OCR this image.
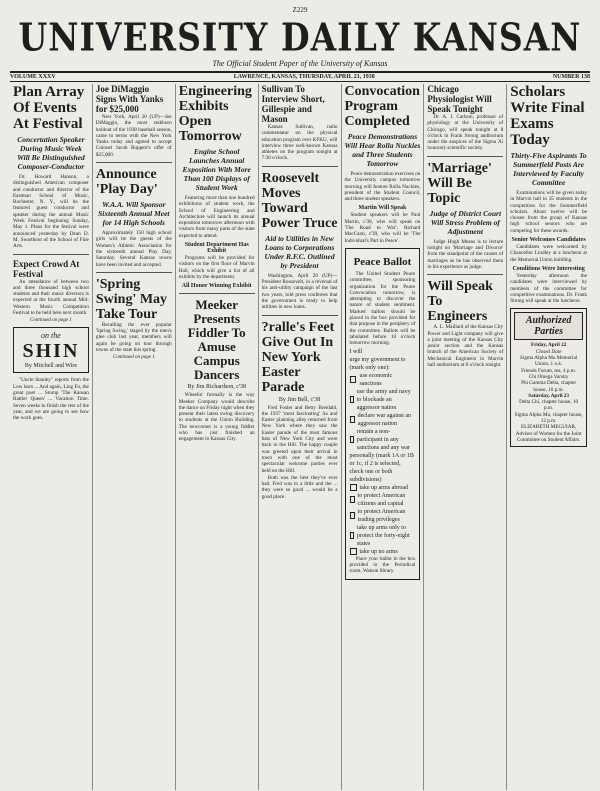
Z229
UNIVERSITY DAILY KANSAN
The Official Student Paper of the University of Kansas
VOLUME XXXV	LAWRENCE, KANSAS, THURSDAY, APRIL 21, 1938	NUMBER 138
Plan Array Of Events At Festival
Concertation Speaker During Music Week Will Be Distinguished Composer-Conductor

Dr. Howard Hanson, a distinguished American composer and conductor and director of the Eastman School of Music, Rochester, N. Y., will be the featured guest conductor and speaker during the annual Music Week Festival beginning Sunday, May 1. Plans for the festival were announced yesterday by Dean D. M. Swarthout of the School of Fine Arts.

Expect Crowd At Festival

An attendance of between two and three thousand high school students and their music directors is expected at the fourth annual Mid-Western Music Competition Festival to be held here next month.

Continued on page 1
on the
SHIN
By Mitchell and Wire

"Uncle Stanley" reports from the Low barn ... And again, Ling Fu, the great poet ... Stomp 'The Kansan Rattler Queen' ... Vacation Time. Seven weeks to finish the rest of the year, and we are going to see how the work goes.

Joe DiMaggio Signs With Yanks for $25,000

New York, April 20 (UP)—Joe DiMaggio, the most stubborn holdout of the 1938 baseball season, came to terms with the New York Yanks today and agreed to accept Colonel Jacob Ruppert's offer of $25,000.

Announce 'Play Day'
W.A.A. Will Sponsor Sixteenth Annual Meet for 14 High Schools

Approximately 150 high school girls will be the guests of the Women's Athletic Association for the sixteenth annual Play Day, Saturday. Several Kansas towns have been invited and accepted.

'Spring Swing' May Take Tour

Recalling the ever popular 'Spring Swing,' staged by the men's glee club last year, members will again be going on tour through towns of the state this spring.

Continued on page 1
Engineering Exhibits Open Tomorrow
Engine School Launches Annual Exposition With More Than 100 Displays of Student Work

Featuring more than one hundred exhibitions of student work, the School of Engineering and Architecture will launch its annual exposition tomorrow afternoon with visitors from many parts of the state expected to attend.

Student Department Has Exhibit

Programs will be provided for visitors on the first floor of Marvin Hall, which will give a list of all exhibits by the department.

All Honor Winning Exhibit
Meeker Presents Fiddler To Amuse Campus Dancers
By Jim Richardson, c'38

Wheelin' formally is the way Meeker Company would describe the dance on Friday night when they present their latest swing discovery to students at the Union Building. The newcomer is a young fiddler who has just finished an engagement in Kansas City.

Sullivan To Interview Short, Gillespie and Mason

Kansas Sullivan, radio commentator on the physical education program over KFKU, will interview three well-known Kansas athletes on the program tonight at 7:30 o'clock.

Roosevelt Moves Toward Power Truce
Aid to Utilities in New Loans to Corporations Under R.F.C. Outlined by President

Washington, April 20 (UP)—President Roosevelt, in a reversal of his anti-utility campaign of the last two years, told press conferees that the government is ready to help utilities in new loans.

?ralle's Feet Give Out In New York Easter Parade
By Jim Bell, c'38

Fred Fosler and Betty Breidahl, the 1937 'most fascinating' Sa and Easter planning alley returned from New York where they saw the Easter parade of the most famous hats of New York City and were back in the Hill. The happy couple was greeted upon their arrival in town with one of the most spectacular welcome parties ever held on the Hill.

Both was the best they've ever had. Fred was in a little and the ... they were so good ... would be a good place.

Convocation Program Completed
Peace Demonstrations Will Hear Rolla Nuckles and Three Students Tomorrow

Peace demonstration exercises on the University campus tomorrow morning will feature Rolla Nuckles, president of the Student Council, and three student speakers.

Martin Will Speak

Student speakers will be Paul Martin, c'38, who will speak on 'The Road to War'; Richard MacCann, c'39, who will be 'The Individual's Part in Peace'.

Peace Ballot

The United Student Peace committee, sponsoring organization for the Peace Convocation tomorrow, is attempting to discover the nature of student sentiment. Marked ballots should be placed in the box provided for that purpose in the periphery of the committee. Ballots will be tabulated before 10 o'clock tomorrow morning.

I will
urge my government to (mark only one):
use economic sanctions
use the army and navy to blockade an aggressor nation
declare war against an aggressor nation
remain a non-participant in any sanctions and any war
personally (mark 1A or 1B or 1c, if 2 is selected, check one or both subdivisions)
take up arms abroad
to protect American citizens and capital
to protect American trading privileges
take up arms only to protect the forty-eight states
take up no arms

Place your ballot in the box provided in the Periodical room, Watson library.

Chicago Physiologist Will Speak Tonight

Dr. A. J. Carlson, professor of physiology at the University of Chicago, will speak tonight at 8 o'clock in Frank Strong auditorium under the auspices of the Sigma Xi honorary scientific society.

'Marriage' Will Be Topic
Judge of District Court Will Stress Problem of Adjustment

Judge Hugh Means is to lecture tonight on 'Marriage and Divorce' from the standpoint of the causes of marriages as he has observed them in his experience as judge.

Will Speak To Engineers

A. L. Maillard of the Kansas City Power and Light company will give a joint meeting of the Kansas City junior section and the Kansas branch of the American Society of Mechanical Engineers in Marvin hall auditorium at 8 o'clock tonight.

Scholars Write Final Exams Today
Thirty-Five Aspirants To Summerfield Posts Are Interviewed by Faculty Committee

Examinations will be given today in Marvin hall to 35 students in the competition for the Summerfield scholars. About twelve will be chosen from the group of Kansas high school seniors who are competing for these awards.

Senior Welcomes Candidates

Candidates were welcomed by Chancellor Lindley at a luncheon at the Memorial Union building.

Conditions Were Interesting

Yesterday afternoon the candidates were interviewed by members of the committee for competitive examinations. Dr. Frank Strong will speak at the luncheon.

Authorized Parties
Friday, April 22
Closed Date
Sigma Alpha Mu Memorial Union, 1 o.k.
Friends Forum, tea, 4 p.m.
Chi Omega Varsity
Phi Gamma Delta, chapter house, 10 p.m.
Saturday, April 23
Delta Chi, chapter house, 10 p.m.
Sigma Alpha Mu, chapter house, 12 p.m.
ELIZABETH MEGUIAR, Adviser of Women for the Joint Committee on Student Affairs.
